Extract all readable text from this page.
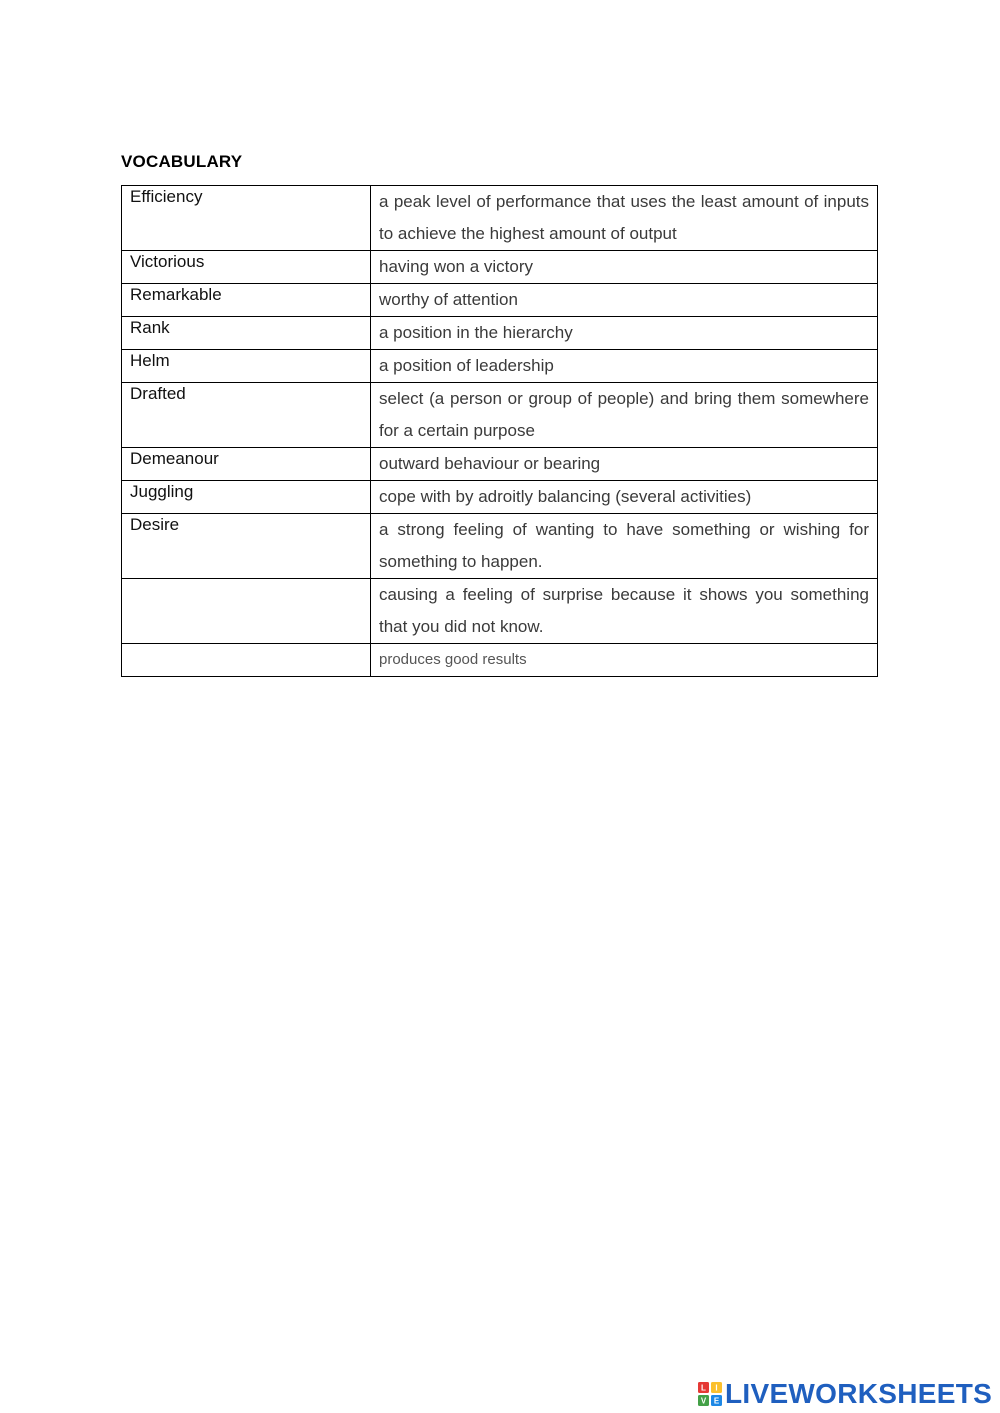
VOCABULARY
Efficiency	a peak level of performance that uses the least amount of inputs to achieve the highest amount of output
Victorious	having won a victory
Remarkable	worthy of attention
Rank	a position in the hierarchy
Helm	a position of leadership
Drafted	select (a person or group of people) and bring them somewhere for a certain purpose
Demeanour	outward behaviour or bearing
Juggling	cope with by adroitly balancing (several activities)
Desire	a strong feeling of wanting to have something or wishing for something to happen.
	causing a feeling of surprise because it shows you something that you did not know.
	produces good results
L I
V E LIVEWORKSHEETS
